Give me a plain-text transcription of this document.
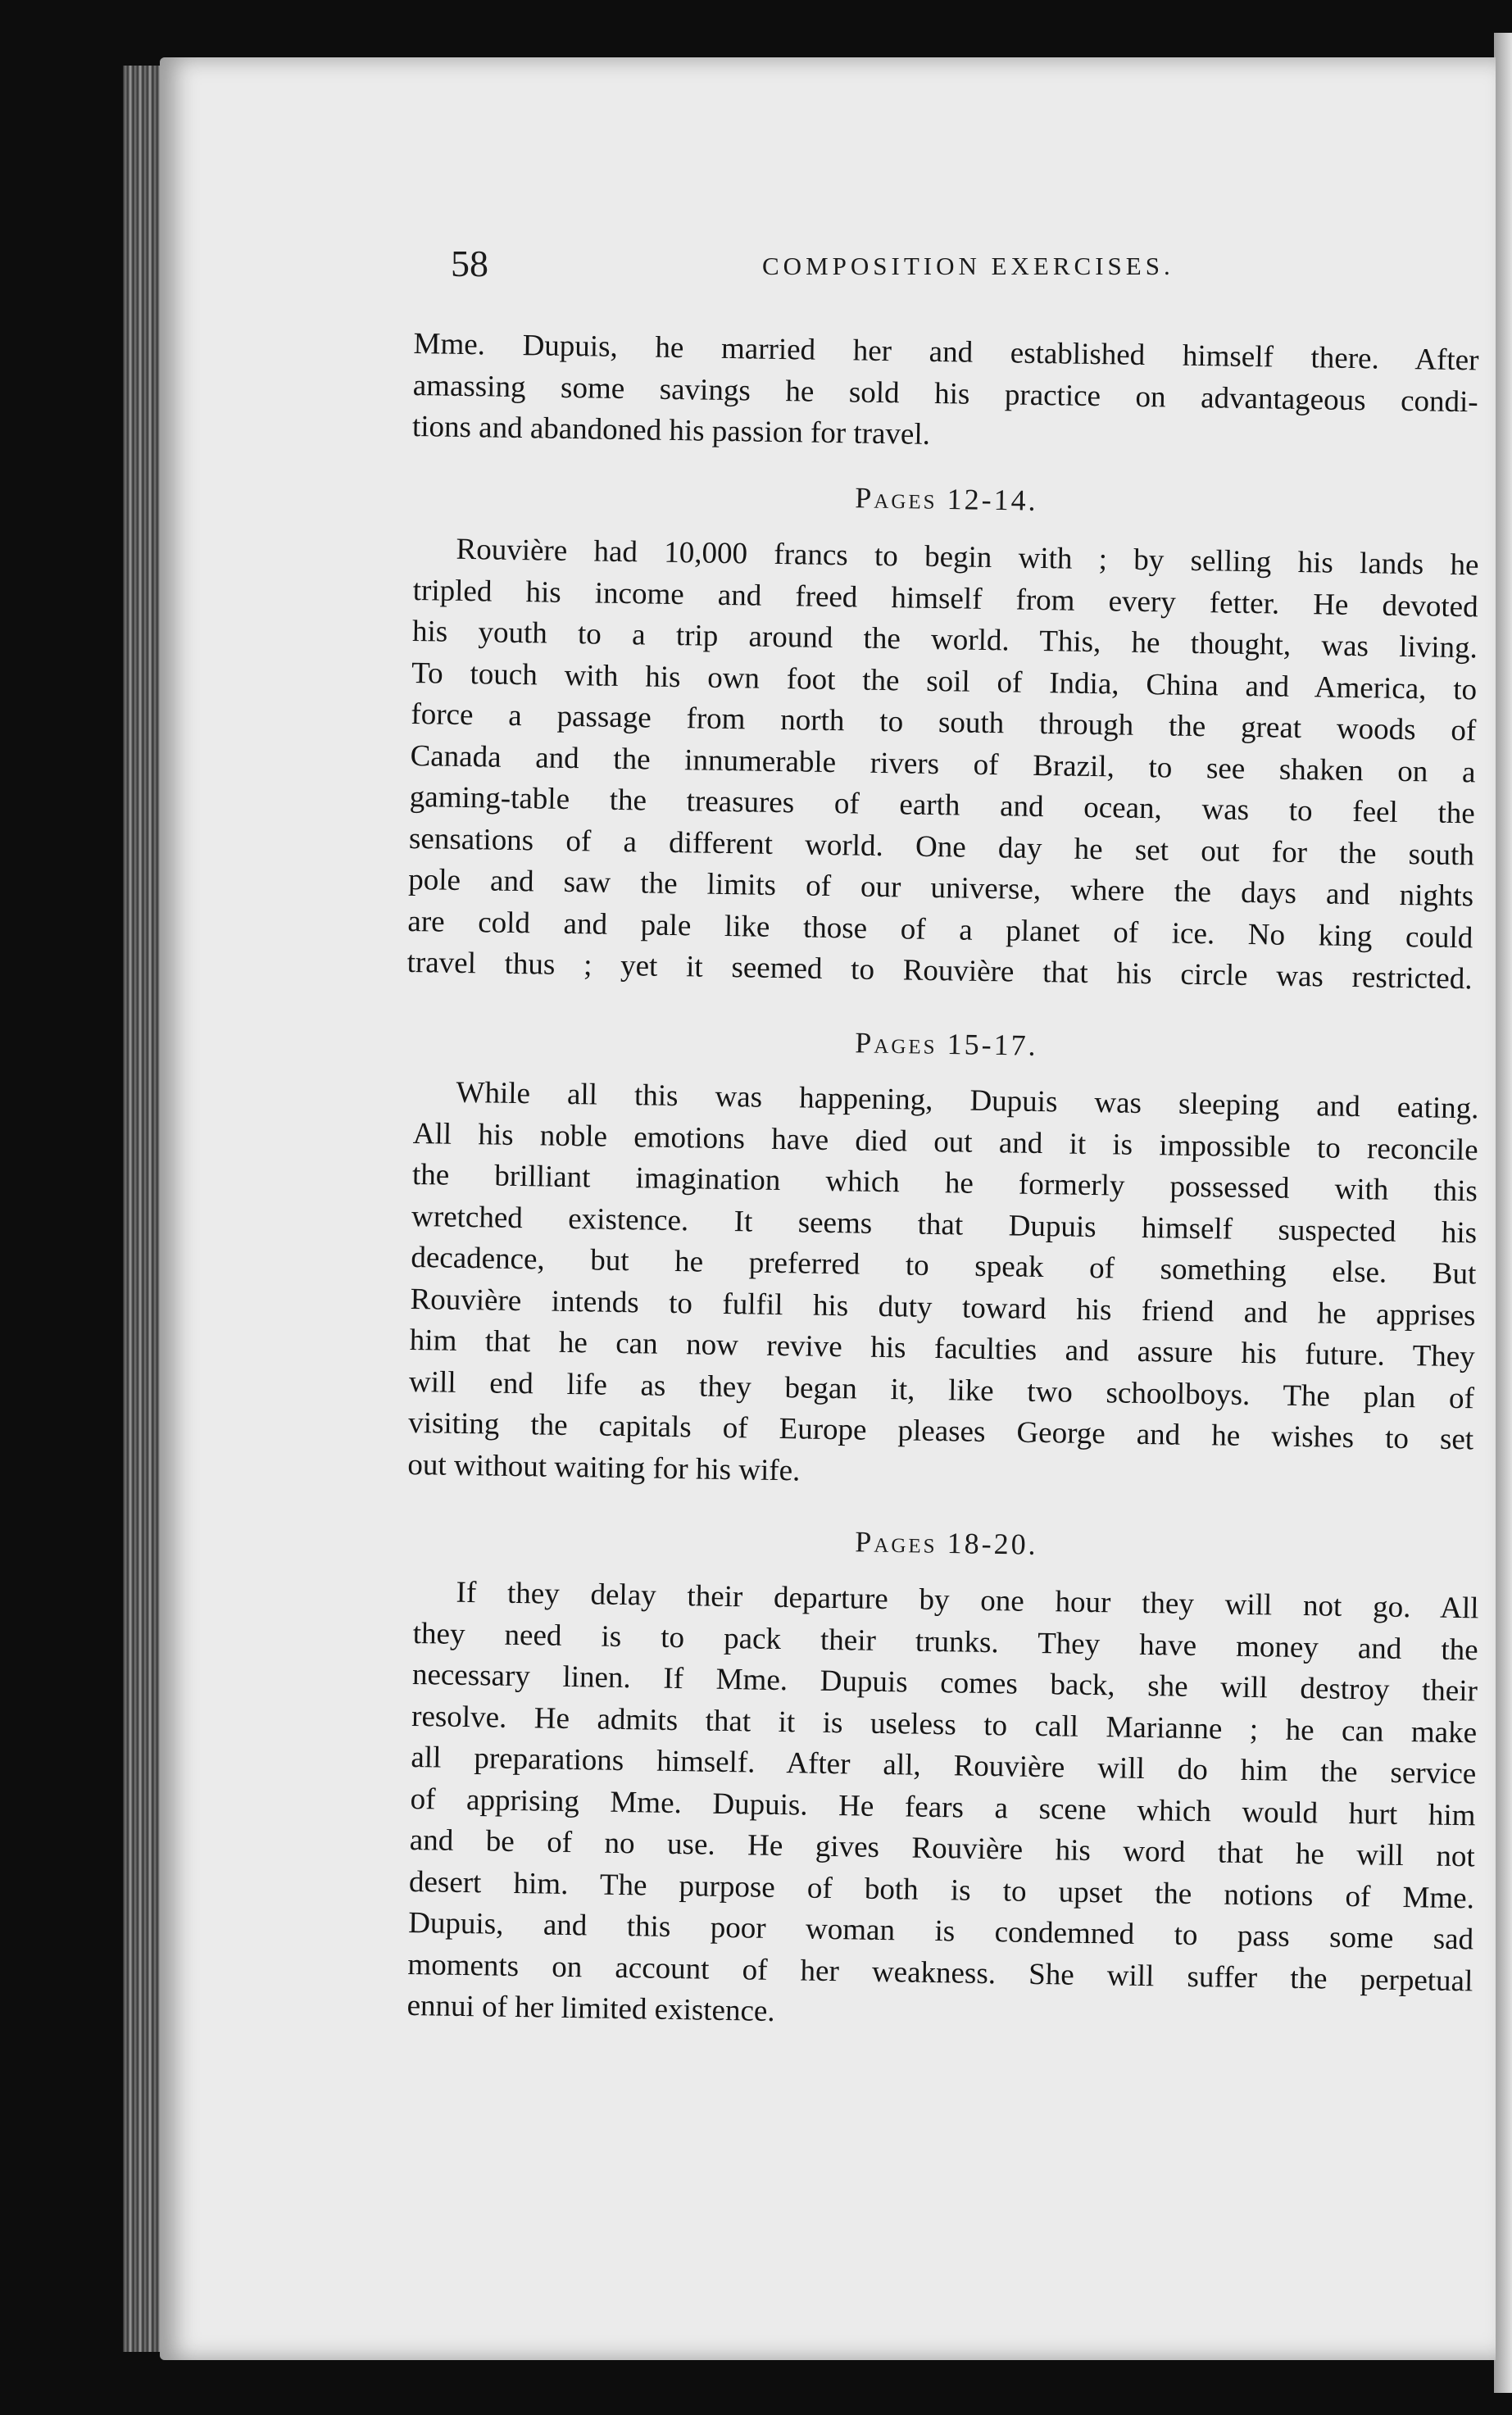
58	COMPOSITION EXERCISES.
Mme. Dupuis, he married her and established himself there. After
amassing some savings he sold his practice on advantageous condi-
tions and abandoned his passion for travel.
Pages 12-14.
Rouvière had 10,000 francs to begin with ; by selling his lands he
tripled his income and freed himself from every fetter. He devoted
his youth to a trip around the world. This, he thought, was living.
To touch with his own foot the soil of India, China and America, to
force a passage from north to south through the great woods of
Canada and the innumerable rivers of Brazil, to see shaken on a
gaming-table the treasures of earth and ocean, was to feel the
sensations of a different world. One day he set out for the south
pole and saw the limits of our universe, where the days and nights
are cold and pale like those of a planet of ice. No king could
travel thus ; yet it seemed to Rouvière that his circle was restricted.
Pages 15-17.
While all this was happening, Dupuis was sleeping and eating.
All his noble emotions have died out and it is impossible to reconcile
the brilliant imagination which he formerly possessed with this
wretched existence. It seems that Dupuis himself suspected his
decadence, but he preferred to speak of something else. But
Rouvière intends to fulfil his duty toward his friend and he apprises
him that he can now revive his faculties and assure his future. They
will end life as they began it, like two schoolboys. The plan of
visiting the capitals of Europe pleases George and he wishes to set
out without waiting for his wife.
Pages 18-20.
If they delay their departure by one hour they will not go. All
they need is to pack their trunks. They have money and the
necessary linen. If Mme. Dupuis comes back, she will destroy their
resolve. He admits that it is useless to call Marianne ; he can make
all preparations himself. After all, Rouvière will do him the service
of apprising Mme. Dupuis. He fears a scene which would hurt him
and be of no use. He gives Rouvière his word that he will not
desert him. The purpose of both is to upset the notions of Mme.
Dupuis, and this poor woman is condemned to pass some sad
moments on account of her weakness. She will suffer the perpetual
ennui of her limited existence.
